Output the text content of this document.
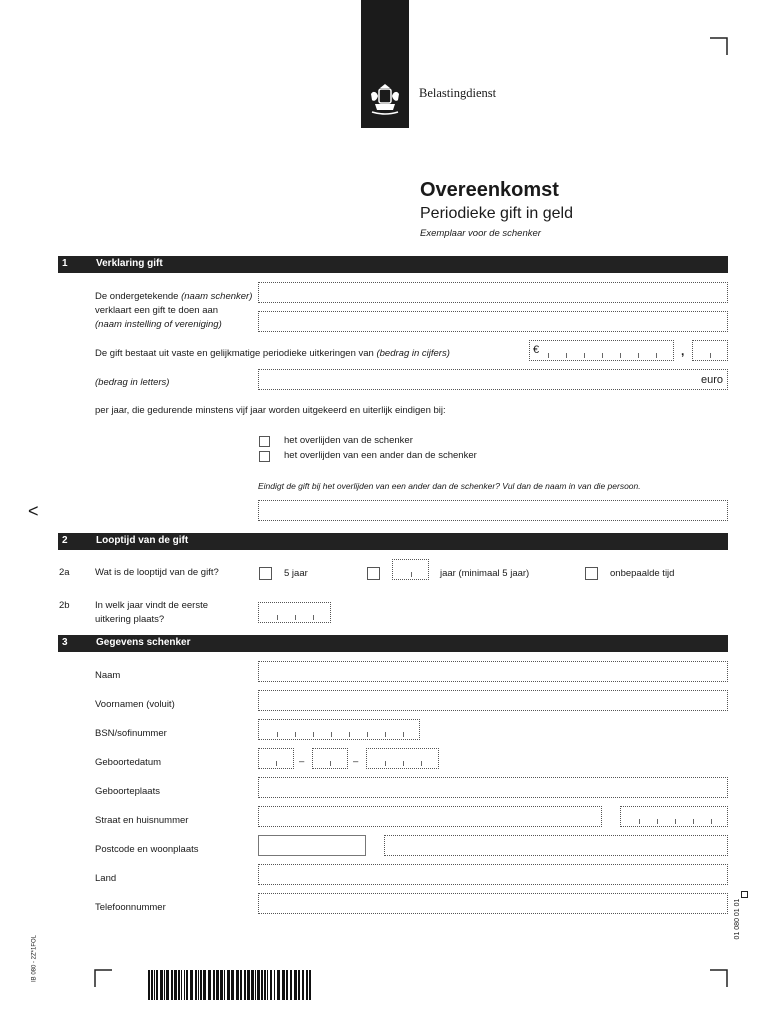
Belastingdienst
Overeenkomst
Periodieke gift in geld
Exemplaar voor de schenker
1	Verklaring gift
De ondergetekende (naam schenker)
verklaart een gift te doen aan
(naam instelling of vereniging)
De gift bestaat uit vaste en gelijkmatige periodieke uitkeringen van (bedrag in cijfers)	€	,
(bedrag in letters)	euro
per jaar, die gedurende minstens vijf jaar worden uitgekeerd en uiterlijk eindigen bij:
het overlijden van de schenker
het overlijden van een ander dan de schenker
Eindigt de gift bij het overlijden van een ander dan de schenker? Vul dan de naam in van die persoon.
<
2	Looptijd van de gift
2a	Wat is de looptijd van de gift?	5 jaar	jaar (minimaal 5 jaar)	onbepaalde tijd
2b	In welk jaar vindt de eerste
uitkering plaats?
3	Gegevens schenker
Naam
Voornamen (voluit)
BSN/sofinummer
Geboortedatum	–	–
Geboorteplaats
Straat en huisnummer
Postcode en woonplaats
Land
Telefoonnummer
IB 080 - 2Z*1FOL
01 080 01 01
